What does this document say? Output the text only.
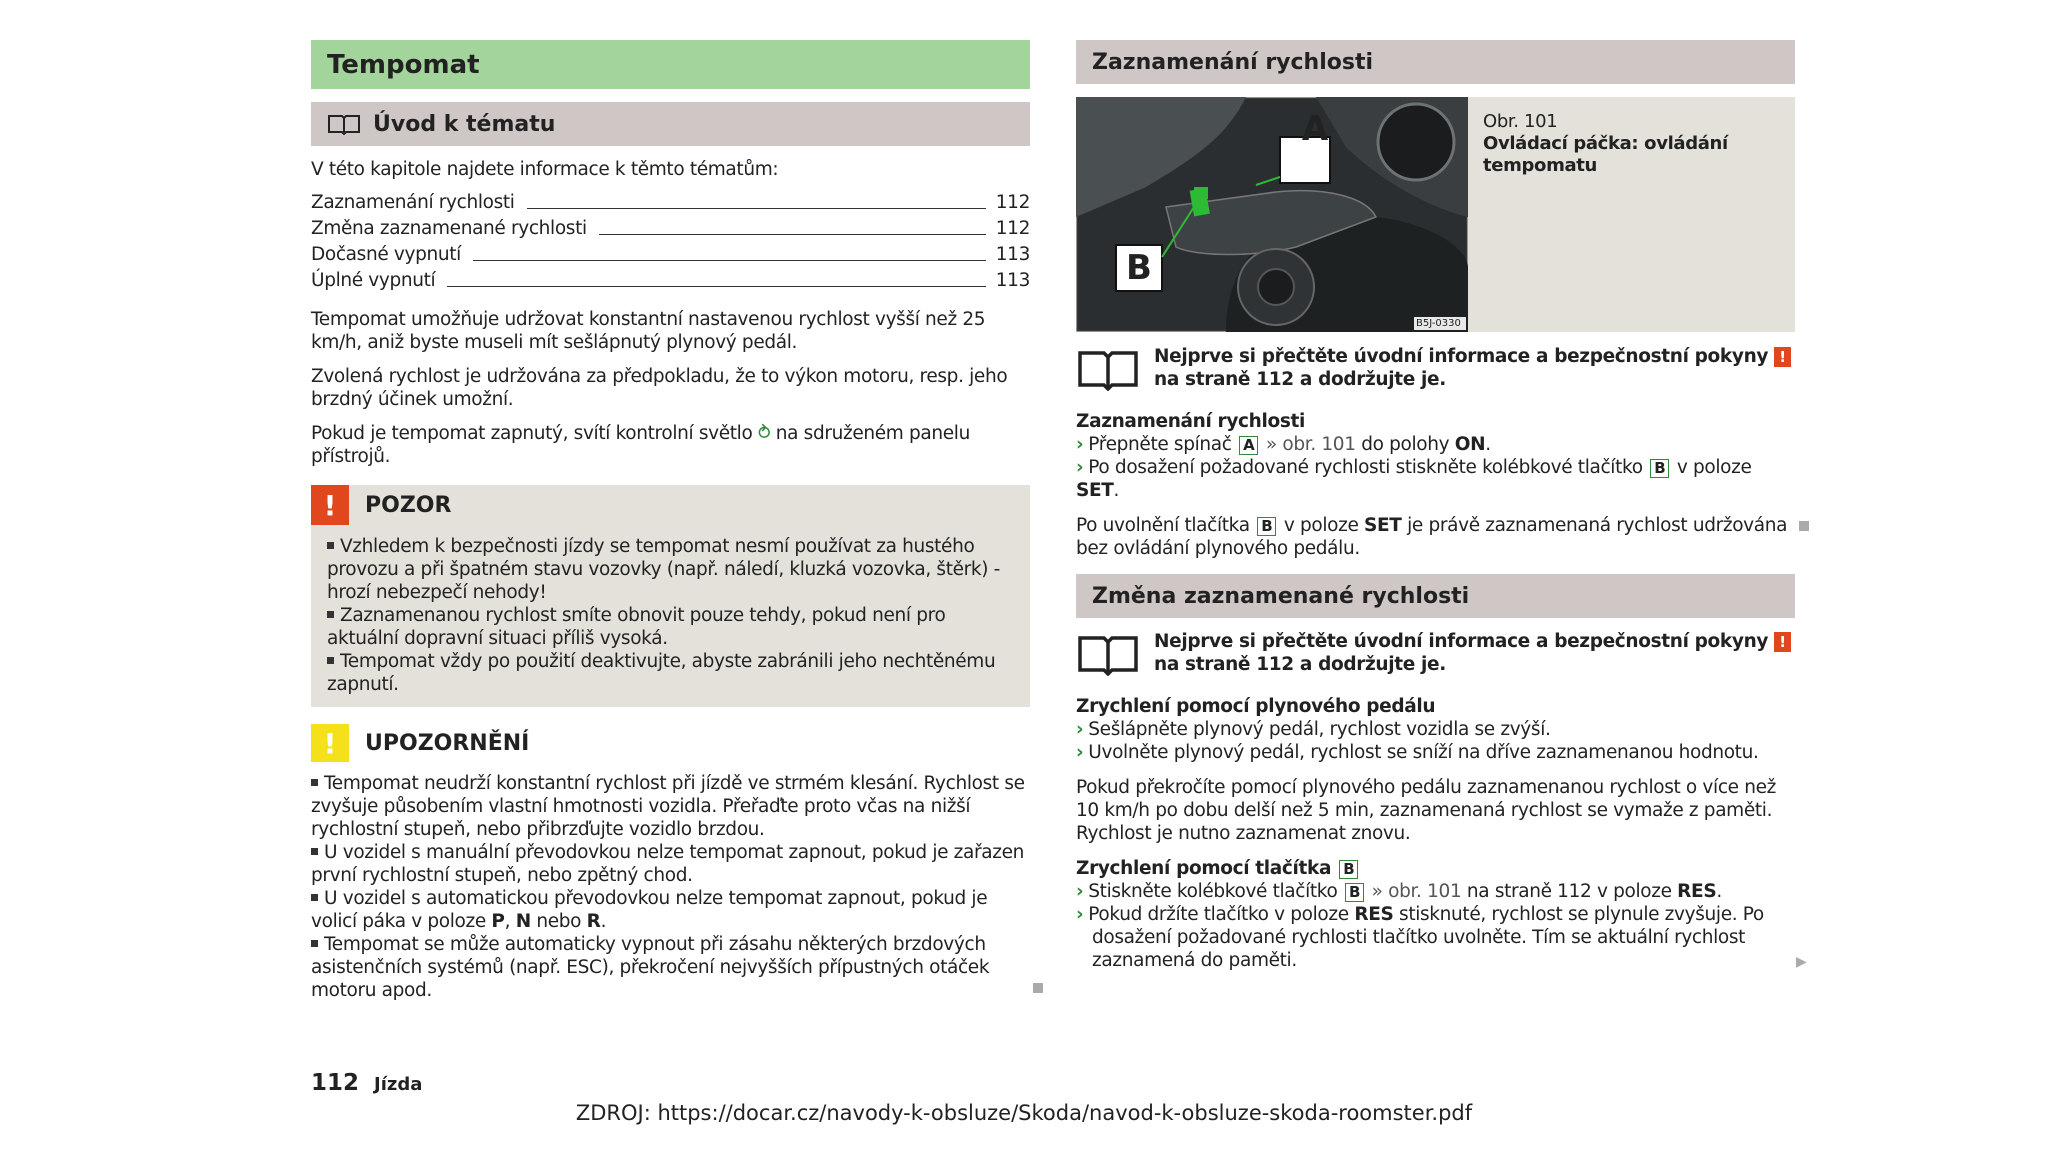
Tempomat
Úvod k tématu

V této kapitole najdete informace k těmto tématům:

Zaznamenání rychlosti	112
Změna zaznamenané rychlosti	112
Dočasné vypnutí	113
Úplné vypnutí	113

Tempomat umožňuje udržovat konstantní nastavenou rychlost vyšší než 25 km/h, aniž byste museli mít sešlápnutý plynový pedál.

Zvolená rychlost je udržována za předpokladu, že to výkon motoru, resp. jeho brzdný účinek umožní.

Pokud je tempomat zapnutý, svítí kontrolní světlo ⥁ na sdruženém panelu přístrojů.

!	POZOR

Vzhledem k bezpečnosti jízdy se tempomat nesmí používat za hustého provozu a při špatném stavu vozovky (např. náledí, kluzká vozovka, štěrk) - hrozí nebezpečí nehody!

Zaznamenanou rychlost smíte obnovit pouze tehdy, pokud není pro aktuální dopravní situaci příliš vysoká.

Tempomat vždy po použití deaktivujte, abyste zabránili jeho nechtěnému zapnutí.

!	UPOZORNĚNÍ

Tempomat neudrží konstantní rychlost při jízdě ve strmém klesání. Rychlost se zvyšuje působením vlastní hmotnosti vozidla. Přeřaďte proto včas na nižší rychlostní stupeň, nebo přibrzďujte vozidlo brzdou.

U vozidel s manuální převodovkou nelze tempomat zapnout, pokud je zařazen první rychlostní stupeň, nebo zpětný chod.

U vozidel s automatickou převodovkou nelze tempomat zapnout, pokud je volicí páka v poloze P, N nebo R.

Tempomat se může automaticky vypnout při zásahu některých brzdových asistenčních systémů (např. ESC), překročení nejvyšších přípustných otáček motoru apod.

112 Jízda
Zaznamenání rychlosti
A
B
B5J-0330

Obr. 101

Ovládací páčka: ovládání tempomatu

Nejprve si přečtěte úvodní informace a bezpečnostní pokyny ! na straně 112 a dodržujte je.

Zaznamenání rychlosti

› Přepněte spínač A » obr. 101 do polohy ON.

› Po dosažení požadované rychlosti stiskněte kolébkové tlačítko B v poloze SET.

Po uvolnění tlačítka B v poloze SET je právě zaznamenaná rychlost udržována bez ovládání plynového pedálu.

Změna zaznamenané rychlosti

Nejprve si přečtěte úvodní informace a bezpečnostní pokyny ! na straně 112 a dodržujte je.

Zrychlení pomocí plynového pedálu

› Sešlápněte plynový pedál, rychlost vozidla se zvýší.

› Uvolněte plynový pedál, rychlost se sníží na dříve zaznamenanou hodnotu.

Pokud překročíte pomocí plynového pedálu zaznamenanou rychlost o více než 10 km/h po dobu delší než 5 min, zaznamenaná rychlost se vymaže z paměti. Rychlost je nutno zaznamenat znovu.

Zrychlení pomocí tlačítka B

› Stiskněte kolébkové tlačítko B » obr. 101 na straně 112 v poloze RES.

› Pokud držíte tlačítko v poloze RES stisknuté, rychlost se plynule zvyšuje. Po dosažení požadované rychlosti tlačítko uvolněte. Tím se aktuální rychlost zaznamená do paměti.	▶
ZDROJ: https://docar.cz/navody-k-obsluze/Skoda/navod-k-obsluze-skoda-roomster.pdf
